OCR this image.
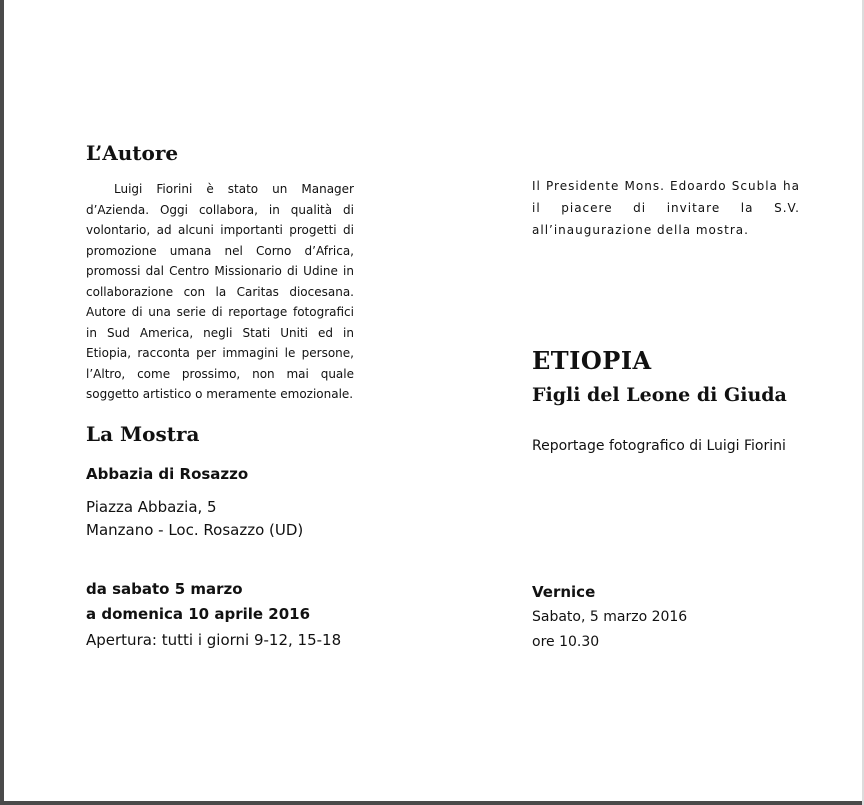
L’Autore

Luigi Fiorini è stato un Manager d’Azienda. Oggi collabora, in qualità di volontario, ad alcuni importanti progetti di promozione umana nel Corno d’Africa, promossi dal Centro Missionario di Udine in collaborazione con la Caritas diocesana. Autore di una serie di reportage fotografici in Sud America, negli Stati Uniti ed in Etiopia, racconta per immagini le persone, l’Altro, come prossimo, non mai quale soggetto artistico o meramente emozionale.

La Mostra

Abbazia di Rosazzo

Piazza Abbazia, 5

Manzano - Loc. Rosazzo (UD)

da sabato 5 marzo

a domenica 10 aprile 2016

Apertura: tutti i giorni 9-12, 15-18

Il Presidente Mons. Edoardo Scubla ha il piacere di invitare la S.V. all’inaugurazione della mostra.

ETIOPIA
Figli del Leone di Giuda

Reportage fotografico di Luigi Fiorini

Vernice

Sabato, 5 marzo 2016

ore 10.30
